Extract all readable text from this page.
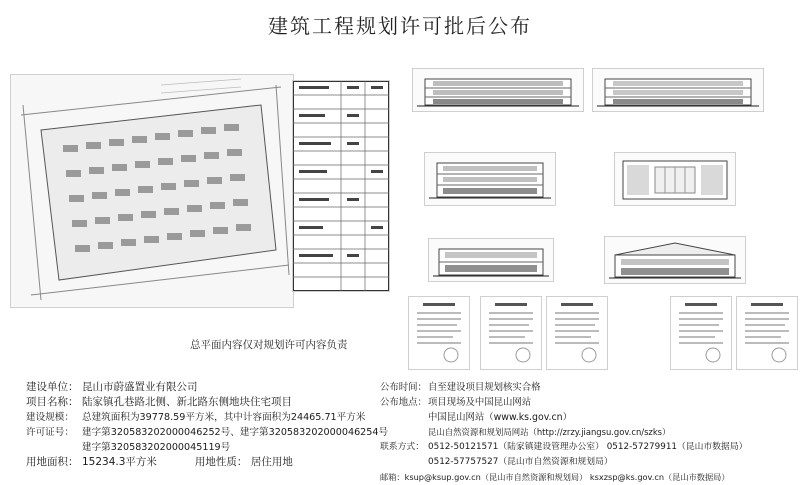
建筑工程规划许可批后公布
总平面内容仅对规划许可内容负责
建设单位： 昆山市蔚盛置业有限公司
项目名称： 陆家镇孔巷路北侧、新北路东侧地块住宅项目
建设规模： 总建筑面积为39778.59平方米，其中计容面积为24465.71平方米
许可证号： 建字第320583202000046252号、建字第320583202000046254号
建字第320583202000045119号
用地面积： 15234.3平方米	用地性质： 居住用地
公布时间：自至建设项目规划核实合格
公布地点：项目现场及中国昆山网站
中国昆山网站（www.ks.gov.cn）
昆山自然资源和规划局网站（http://zrzy.jiangsu.gov.cn/szks）
联系方式： 0512-50121571（陆家镇建设管理办公室） 0512-57279911（昆山市数据局）
0512-57757527（昆山市自然资源和规划局）
邮箱：ksup@ksup.gov.cn（昆山市自然资源和规划局） ksxzsp@ks.gov.cn（昆山市数据局）
